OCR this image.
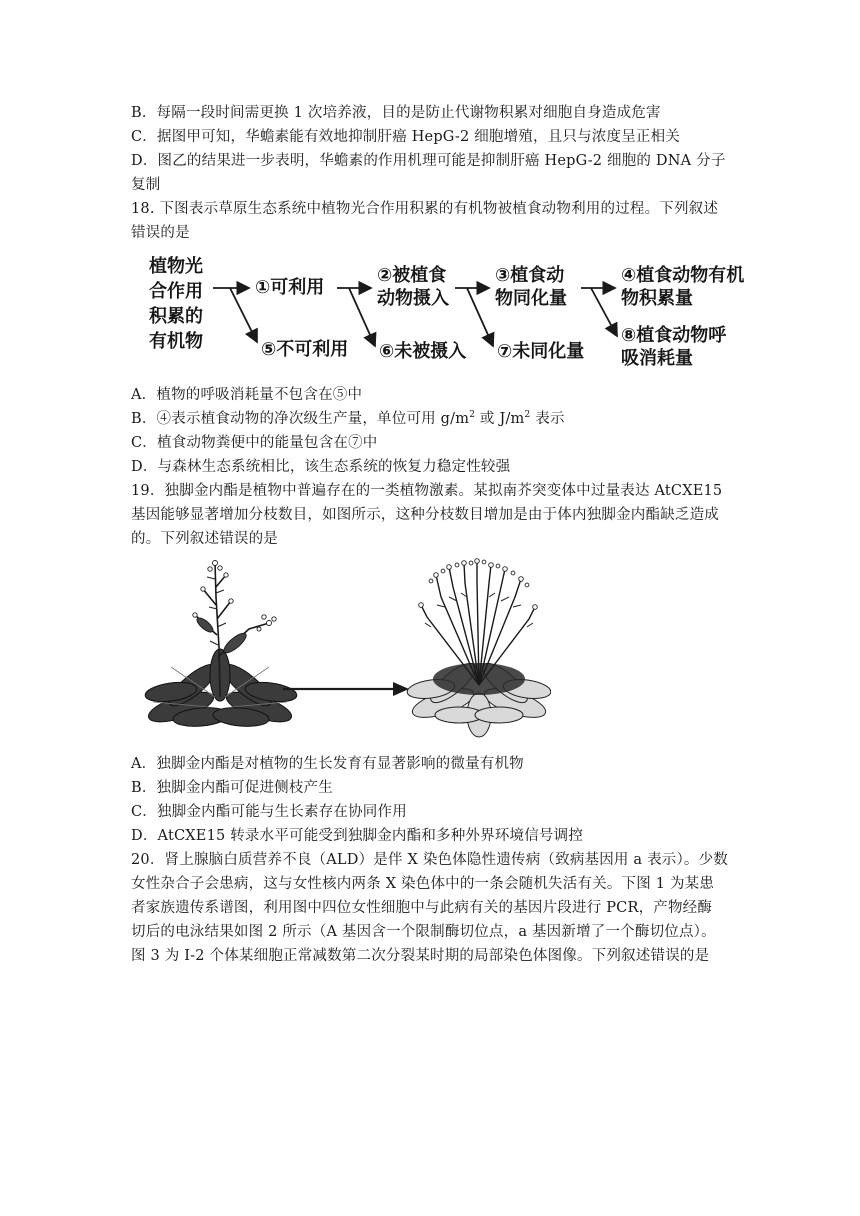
B．每隔一段时间需更换 1 次培养液，目的是防止代谢物积累对细胞自身造成危害
C．据图甲可知，华蟾素能有效地抑制肝癌 HepG-2 细胞增殖，且只与浓度呈正相关
D．图乙的结果进一步表明，华蟾素的作用机理可能是抑制肝癌 HepG-2 细胞的 DNA 分子
复制
18. 下图表示草原生态系统中植物光合作用积累的有机物被植食动物利用的过程。下列叙述
错误的是
植物光
合作用
积累的
有机物
①可利用
②被植食
动物摄入
③植食动
物同化量
④植食动物有机
物积累量
⑤不可利用 ⑥未被摄入 ⑦未同化量
⑧植食动物呼
吸消耗量
A．植物的呼吸消耗量不包含在⑤中
B．④表示植食动物的净次级生产量，单位可用 $g/m^2$ 或 $J/m^2$ 表示
C．植食动物粪便中的能量包含在⑦中
D．与森林生态系统相比，该生态系统的恢复力稳定性较强
19．独脚金内酯是植物中普遍存在的一类植物激素。某拟南芥突变体中过量表达 AtCXE15
基因能够显著增加分枝数目，如图所示，这种分枝数目增加是由于体内独脚金内酯缺乏造成
的。下列叙述错误的是
A．独脚金内酯是对植物的生长发育有显著影响的微量有机物
B．独脚金内酯可促进侧枝产生
C．独脚金内酯可能与生长素存在协同作用
D．AtCXE15 转录水平可能受到独脚金内酯和多种外界环境信号调控
20．肾上腺脑白质营养不良（ALD）是伴 X 染色体隐性遗传病（致病基因用 a 表示）。少数
女性杂合子会患病，这与女性核内两条 X 染色体中的一条会随机失活有关。下图 1 为某患
者家族遗传系谱图，利用图中四位女性细胞中与此病有关的基因片段进行 PCR，产物经酶
切后的电泳结果如图 2 所示（A 基因含一个限制酶切位点，a 基因新增了一个酶切位点）。
图 3 为 I-2 个体某细胞正常减数第二次分裂某时期的局部染色体图像。下列叙述错误的是
